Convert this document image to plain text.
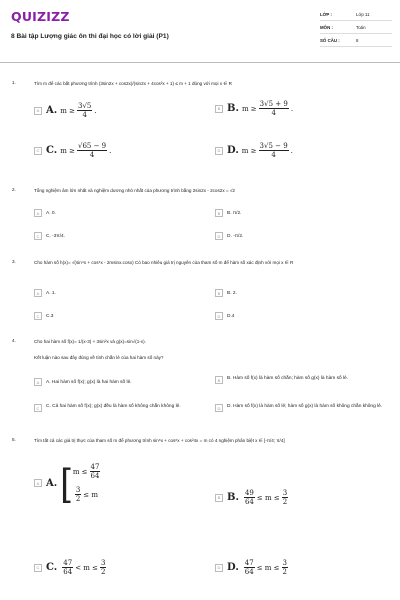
QUIZIZZ
8 Bài tập Lượng giác ôn thi đại học có lời giải (P1)
LỚP :	Lớp 11
MÔN :	Toán
SỐ CÂU :	8
1.	Tìm m để các bất phương trình (3sin2x + cos2x)/(sin2x + 4cos²x + 1) ≤ m + 1 đúng với mọi x ∈ R
A A. $m \ge \frac{3√5}{4}$ .	B B. $m \ge \frac{3√5 + 9}{4}$ .
C C. $m \ge \frac{√65 - 9}{4}$ .	D D. $m \ge \frac{3√5 - 9}{4}$ .
2.	Tổng nghiệm âm lớn nhất và nghiệm dương nhỏ nhất của phương trình bằng 2sin2x - 2cos2x = √2
A	A. 0.	B	B. π/2.
C	C. -3π/4.	D	D. -π/2.
3.	Cho hàm số h(x)= √(sin⁴x + cos⁴x - 2msinx.cosx) Có bao nhiêu giá trị nguyên của tham số m để hàm số xác định với mọi x ∈ R
A	A. 1.	B	B. 2.
C	C.3	D	D.4
4.	Cho hai hàm số f(x)= 1/(x-3) + 3sin²x và g(x)=sin√(1-x).
Kết luận nào sau đây đúng về tính chẵn lẻ của hai hàm số này?
A	A. Hai hàm số f(x); g(x) là hai hàm số lẻ.	B	B. Hàm số f(x) là hàm số chẵn; hàm số g(x) là hàm số lẻ.
C	C. Cả hai hàm số f(x); g(x) đều là hàm số không chẵn không lẻ.	D	D. Hàm số f(x) là hàm số lẻ; hàm số g(x) là hàm số không chẵn không lẻ.
5.	Tìm tất cả các giá trị thực của tham số m để phương trình sin⁶x + cos⁶x + cos²4x = m có 4 nghiệm phân biệt x ∈ [-π/4; π/4]
A A. [ $m \le \frac{47}{64}$
$\frac{3}{2} \le m$	B B. $\frac{49}{64} \le m \le \frac{3}{2}$
C C. $\frac{47}{64} < m \le \frac{3}{2}$	D D. $\frac{47}{64} \le m \le \frac{3}{2}$
